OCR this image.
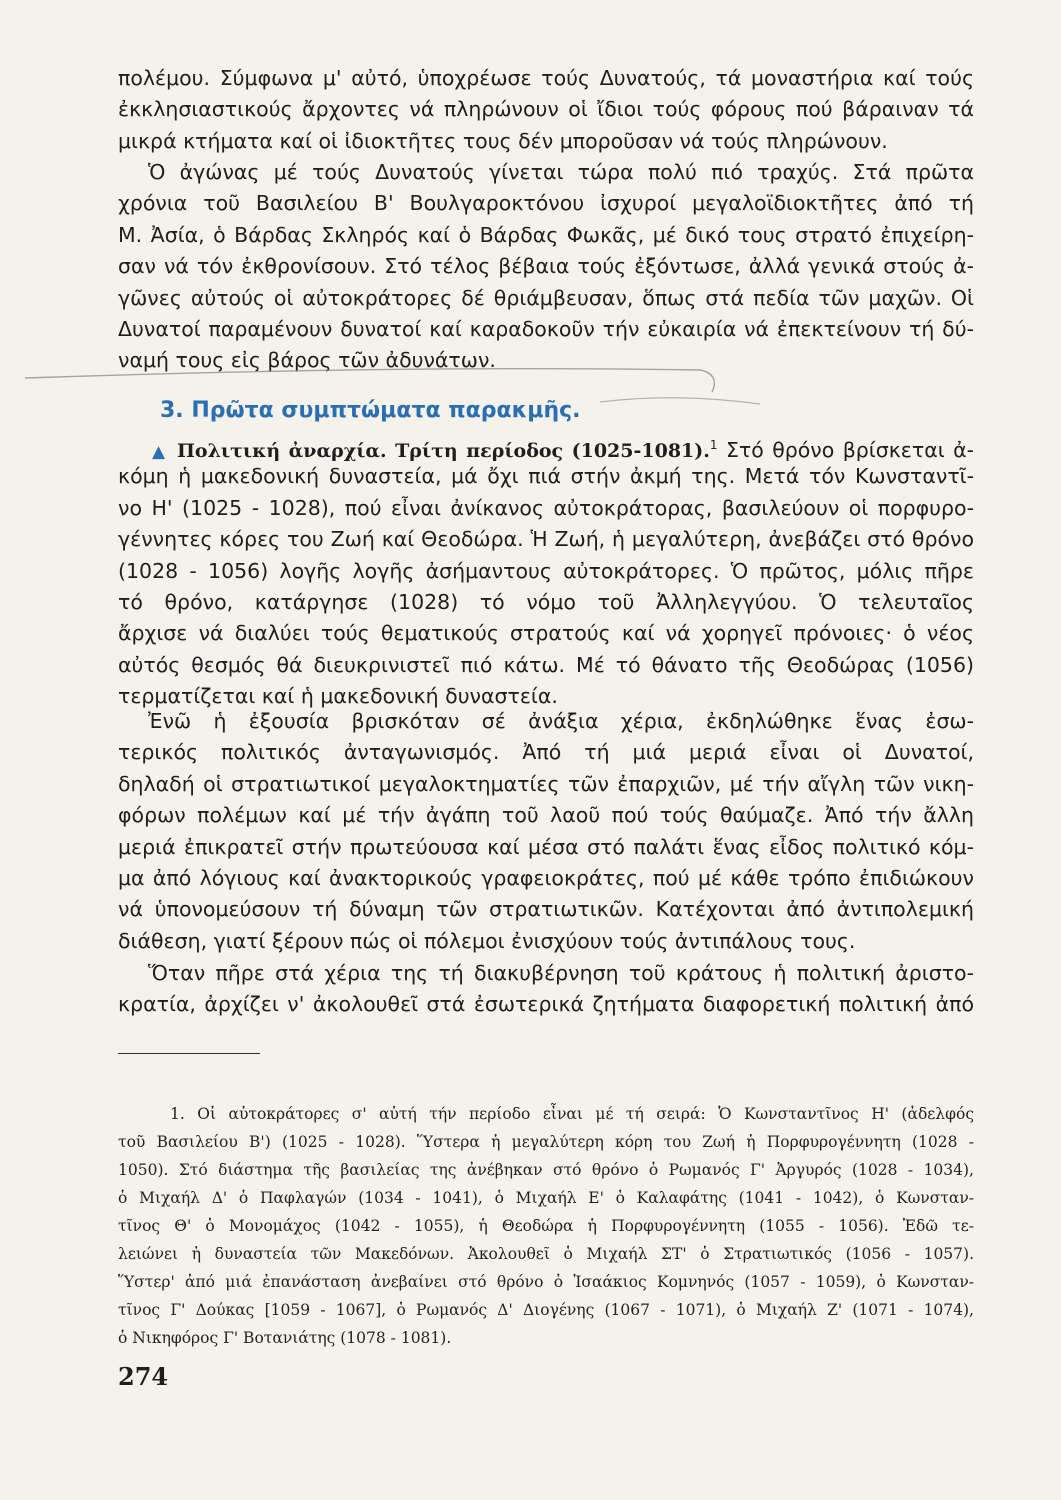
πολέμου. Σύμφωνα μ' αὐτό, ὑποχρέωσε τούς Δυνατούς, τά μοναστήρια καί τούς
ἐκκλησιαστικούς ἄρχοντες νά πληρώνουν οἱ ἴδιοι τούς φόρους πού βάραιναν τά
μικρά κτήματα καί οἱ ἰδιοκτῆτες τους δέν μποροῦσαν νά τούς πληρώνουν.
Ὁ ἀγώνας μέ τούς Δυνατούς γίνεται τώρα πολύ πιό τραχύς. Στά πρῶτα
χρόνια τοῦ Βασιλείου Β' Βουλγαροκτόνου ἰσχυροί μεγαλοϊδιοκτῆτες ἀπό τή
Μ. Ἀσία, ὁ Βάρδας Σκληρός καί ὁ Βάρδας Φωκᾶς, μέ δικό τους στρατό ἐπιχείρη-
σαν νά τόν ἐκθρονίσουν. Στό τέλος βέβαια τούς ἐξόντωσε, ἀλλά γενικά στούς ἀ-
γῶνες αὐτούς οἱ αὐτοκράτορες δέ θριάμβευσαν, ὅπως στά πεδία τῶν μαχῶν. Οἱ
Δυνατοί παραμένουν δυνατοί καί καραδοκοῦν τήν εὐκαιρία νά ἐπεκτείνουν τή δύ-
ναμή τους εἰς βάρος τῶν ἀδυνάτων.
3. Πρῶτα συμπτώματα παρακμῆς.
▲ Πολιτική ἀναρχία. Τρίτη περίοδος (1025-1081).$^1$ Στό θρόνο βρίσκεται ἀ-
κόμη ἡ μακεδονική δυναστεία, μά ὄχι πιά στήν ἀκμή της. Μετά τόν Κωνσταντῖ-
νο Η' (1025 - 1028), πού εἶναι ἀνίκανος αὐτοκράτορας, βασιλεύουν οἱ πορφυρο-
γέννητες κόρες του Ζωή καί Θεοδώρα. Ἡ Ζωή, ἡ μεγαλύτερη, ἀνεβάζει στό θρόνο
(1028 - 1056) λογῆς λογῆς ἀσήμαντους αὐτοκράτορες. Ὁ πρῶτος, μόλις πῆρε
τό θρόνο, κατάργησε (1028) τό νόμο τοῦ Ἀλληλεγγύου. Ὁ τελευταῖος
ἄρχισε νά διαλύει τούς θεματικούς στρατούς καί νά χορηγεῖ πρόνοιες· ὁ νέος
αὐτός θεσμός θά διευκρινιστεῖ πιό κάτω. Μέ τό θάνατο τῆς Θεοδώρας (1056)
τερματίζεται καί ἡ μακεδονική δυναστεία.
Ἐνῶ ἡ ἐξουσία βρισκόταν σέ ἀνάξια χέρια, ἐκδηλώθηκε ἕνας ἐσω-
τερικός πολιτικός ἀνταγωνισμός. Ἀπό τή μιά μεριά εἶναι οἱ Δυνατοί,
δηλαδή οἱ στρατιωτικοί μεγαλοκτηματίες τῶν ἐπαρχιῶν, μέ τήν αἴγλη τῶν νικη-
φόρων πολέμων καί μέ τήν ἀγάπη τοῦ λαοῦ πού τούς θαύμαζε. Ἀπό τήν ἄλλη
μεριά ἐπικρατεῖ στήν πρωτεύουσα καί μέσα στό παλάτι ἕνας εἶδος πολιτικό κόμ-
μα ἀπό λόγιους καί ἀνακτορικούς γραφειοκράτες, πού μέ κάθε τρόπο ἐπιδιώκουν
νά ὑπονομεύσουν τή δύναμη τῶν στρατιωτικῶν. Κατέχονται ἀπό ἀντιπολεμική
διάθεση, γιατί ξέρουν πώς οἱ πόλεμοι ἐνισχύουν τούς ἀντιπάλους τους.
Ὅταν πῆρε στά χέρια της τή διακυβέρνηση τοῦ κράτους ἡ πολιτική ἀριστο-
κρατία, ἀρχίζει ν' ἀκολουθεῖ στά ἐσωτερικά ζητήματα διαφορετική πολιτική ἀπό
1. Οἱ αὐτοκράτορες σ' αὐτή τήν περίοδο εἶναι μέ τή σειρά: Ὁ Κωνσταντῖνος Η' (ἀδελφός
τοῦ Βασιλείου Β') (1025 - 1028). Ὕστερα ἡ μεγαλύτερη κόρη του Ζωή ἡ Πορφυρογέννητη (1028 -
1050). Στό διάστημα τῆς βασιλείας της ἀνέβηκαν στό θρόνο ὁ Ρωμανός Γ' Ἀργυρός (1028 - 1034),
ὁ Μιχαήλ Δ' ὁ Παφλαγών (1034 - 1041), ὁ Μιχαήλ Ε' ὁ Καλαφάτης (1041 - 1042), ὁ Κωνσταν-
τῖνος Θ' ὁ Μονομάχος (1042 - 1055), ἡ Θεοδώρα ἡ Πορφυρογέννητη (1055 - 1056). Ἐδῶ τε-
λειώνει ἡ δυναστεία τῶν Μακεδόνων. Ἀκολουθεῖ ὁ Μιχαήλ ΣΤ' ὁ Στρατιωτικός (1056 - 1057).
Ὕστερ' ἀπό μιά ἐπανάσταση ἀνεβαίνει στό θρόνο ὁ Ἰσαάκιος Κομνηνός (1057 - 1059), ὁ Κωνσταν-
τῖνος Γ' Δούκας [1059 - 1067], ὁ Ρωμανός Δ' Διογένης (1067 - 1071), ὁ Μιχαήλ Ζ' (1071 - 1074),
ὁ Νικηφόρος Γ' Βοτανιάτης (1078 - 1081).
274
